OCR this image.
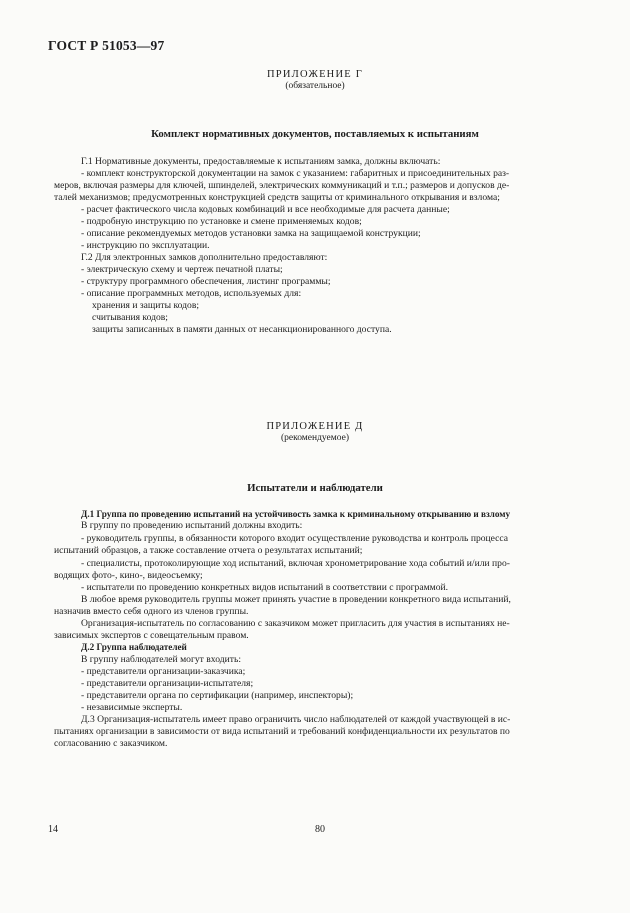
ГОСТ Р 51053—97
ПРИЛОЖЕНИЕ Г
(обязательное)
Комплект нормативных документов, поставляемых к испытаниям
Г.1 Нормативные документы, предоставляемые к испытаниям замка, должны включать:
- комплект конструкторской документации на замок с указанием: габаритных и присоединительных раз-
меров, включая размеры для ключей, шпинделей, электрических коммуникаций и т.п.; размеров и допусков де-
талей механизмов; предусмотренных конструкцией средств защиты от криминального открывания и взлома;
- расчет фактического числа кодовых комбинаций и все необходимые для расчета данные;
- подробную инструкцию по установке и смене применяемых кодов;
- описание рекомендуемых методов установки замка на защищаемой конструкции;
- инструкцию по эксплуатации.
Г.2 Для электронных замков дополнительно предоставляют:
- электрическую схему и чертеж печатной платы;
- структуру программного обеспечения, листинг программы;
- описание программных методов, используемых для:
хранения и защиты кодов;
считывания кодов;
защиты записанных в памяти данных от несанкционированного доступа.
ПРИЛОЖЕНИЕ Д
(рекомендуемое)
Испытатели и наблюдатели
Д.1 Группа по проведению испытаний на устойчивость замка к криминальному открыванию и взлому
В группу по проведению испытаний должны входить:
- руководитель группы, в обязанности которого входит осуществление руководства и контроль процесса
испытаний образцов, а также составление отчета о результатах испытаний;
- специалисты, протоколирующие ход испытаний, включая хронометрирование хода событий и/или про-
водящих фото-, кино-, видеосъемку;
- испытатели по проведению конкретных видов испытаний в соответствии с программой.
В любое время руководитель группы может принять участие в проведении конкретного вида испытаний,
назначив вместо себя одного из членов группы.
Организация-испытатель по согласованию с заказчиком может пригласить для участия в испытаниях не-
зависимых экспертов с совещательным правом.
Д.2 Группа наблюдателей
В группу наблюдателей могут входить:
- представители организации-заказчика;
- представители организации-испытателя;
- представители органа по сертификации (например, инспекторы);
- независимые эксперты.
Д.3 Организация-испытатель имеет право ограничить число наблюдателей от каждой участвующей в ис-
пытаниях организации в зависимости от вида испытаний и требований конфиденциальности их результатов по
согласованию с заказчиком.
14	80
